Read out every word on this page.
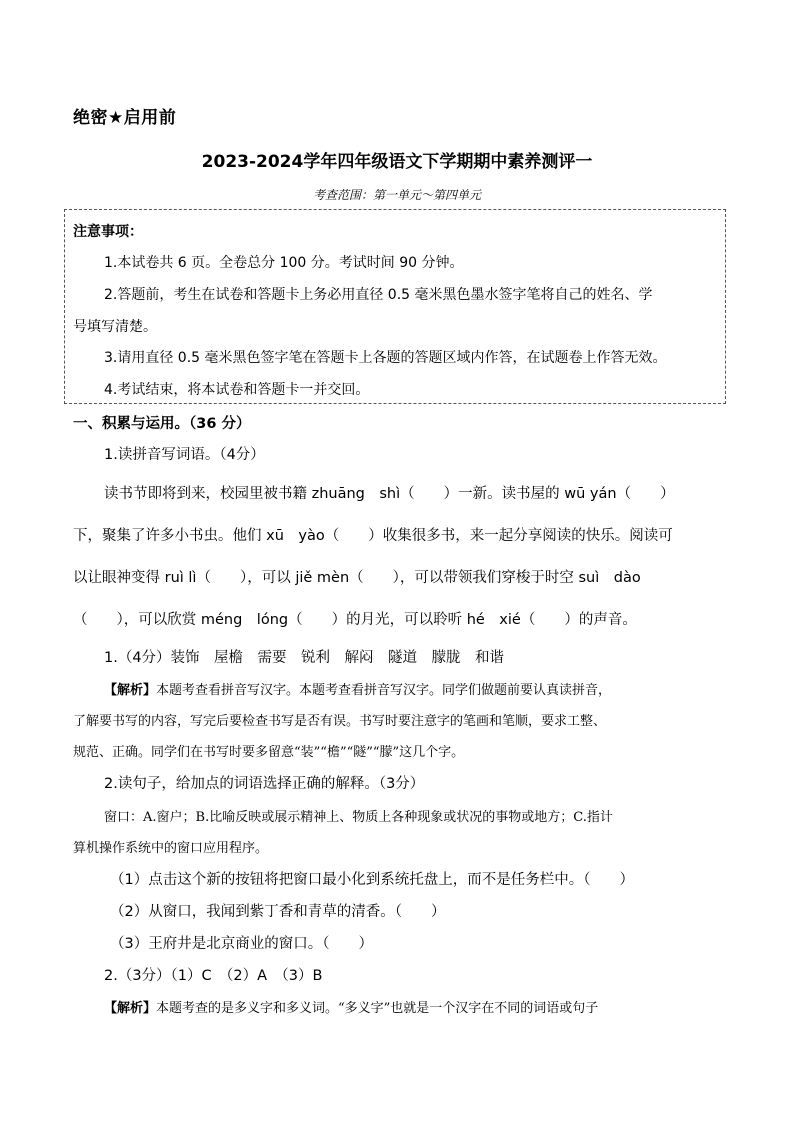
绝密★启用前
2023-2024学年四年级语文下学期期中素养测评一
考查范围：第一单元～第四单元
注意事项：
1.本试卷共 6 页。全卷总分 100 分。考试时间 90 分钟。
2.答题前，考生在试卷和答题卡上务必用直径 0.5 毫米黑色墨水签字笔将自己的姓名、学
号填写清楚。
3.请用直径 0.5 毫米黑色签字笔在答题卡上各题的答题区域内作答，在试题卷上作答无效。
4.考试结束，将本试卷和答题卡一并交回。
一、积累与运用。（36 分）
1.读拼音写词语。（4分）
读书节即将到来，校园里被书籍 zhuāng　shì（　　）一新。读书屋的 wū yán（　　）
下，聚集了许多小书虫。他们 xū　yào（　　）收集很多书，来一起分享阅读的快乐。阅读可
以让眼神变得 ruì lì（　　），可以 jiě mèn（　　），可以带领我们穿梭于时空 suì　dào
（　　），可以欣赏 méng　lóng（　　）的月光，可以聆听 hé　xié（　　）的声音。
1.（4分）装饰　屋檐　需要　锐利　解闷　隧道　朦胧　和谐
【解析】本题考查看拼音写汉字。本题考查看拼音写汉字。同学们做题前要认真读拼音，
了解要书写的内容，写完后要检查书写是否有误。书写时要注意字的笔画和笔顺，要求工整、
规范、正确。同学们在书写时要多留意“装”“檐”“隧”“朦”这几个字。
2.读句子，给加点的词语选择正确的解释。（3分）
窗口：A.窗户；B.比喻反映或展示精神上、物质上各种现象或状况的事物或地方；C.指计
算机操作系统中的窗口应用程序。
（1）点击这个新的按钮将把窗口最小化到系统托盘上，而不是任务栏中。（　　）
（2）从窗口，我闻到紫丁香和青草的清香。（　　）
（3）王府井是北京商业的窗口。（　　）
2.（3分）（1）C　（2）A　（3）B
【解析】本题考查的是多义字和多义词。“多义字”也就是一个汉字在不同的词语或句子
